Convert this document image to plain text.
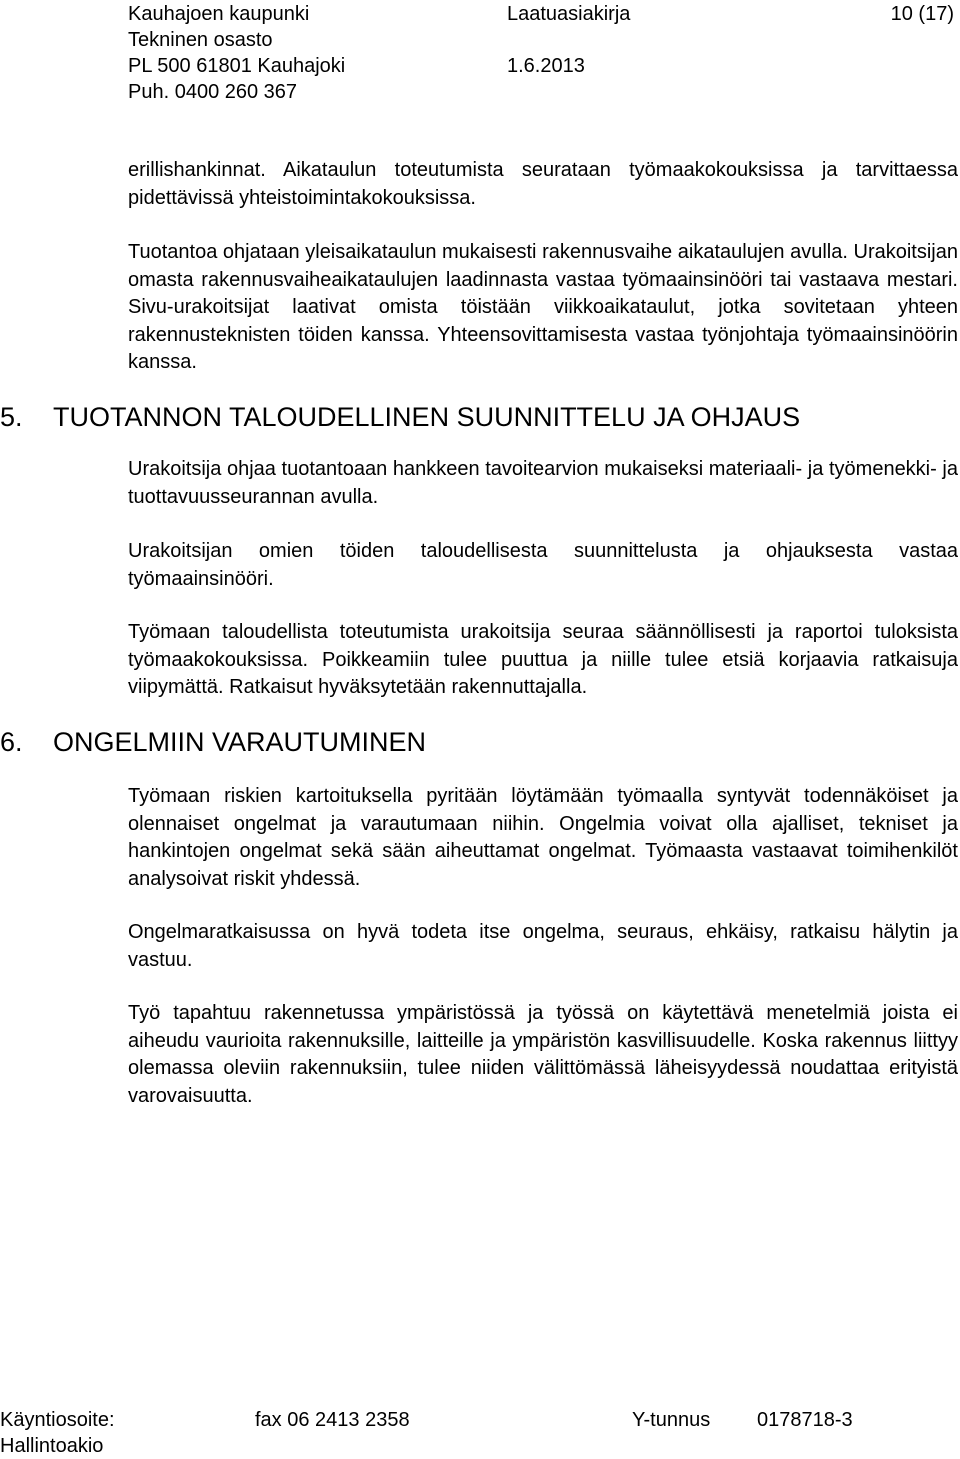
Kauhajoen kaupunki
Tekninen osasto
PL 500 61801 Kauhajoki
Puh. 0400 260 367
Laatuasiakirja
1.6.2013
10 (17)

erillishankinnat. Aikataulun toteutumista seurataan työmaakokouksissa ja tarvittaessa pidettävissä yhteistoimintakokouksissa.

Tuotantoa ohjataan yleisaikataulun mukaisesti rakennusvaihe aikataulujen avulla. Urakoitsijan omasta rakennusvaiheaikataulujen laadinnasta vastaa työmaainsinööri tai vastaava mestari. Sivu-urakoitsijat laativat omista töistään viikkoaikataulut, jotka sovitetaan yhteen rakennusteknisten töiden kanssa. Yhteensovittamisesta vastaa työnjohtaja työmaainsinöörin kanssa.

5. TUOTANNON TALOUDELLINEN SUUNNITTELU JA OHJAUS

Urakoitsija ohjaa tuotantoaan hankkeen tavoitearvion mukaiseksi materiaali- ja työmenekki- ja tuottavuusseurannan avulla.

Urakoitsijan omien töiden taloudellisesta suunnittelusta ja ohjauksesta vastaa työmaainsinööri.

Työmaan taloudellista toteutumista urakoitsija seuraa säännöllisesti ja raportoi tuloksista työmaakokouksissa. Poikkeamiin tulee puuttua ja niille tulee etsiä korjaavia ratkaisuja viipymättä. Ratkaisut hyväksytetään rakennuttajalla.

6. ONGELMIIN VARAUTUMINEN

Työmaan riskien kartoituksella pyritään löytämään työmaalla syntyvät todennäköiset ja olennaiset ongelmat ja varautumaan niihin. Ongelmia voivat olla ajalliset, tekniset ja hankintojen ongelmat sekä sään aiheuttamat ongelmat. Työmaasta vastaavat toimihenkilöt analysoivat riskit yhdessä.

Ongelmaratkaisussa on hyvä todeta itse ongelma, seuraus, ehkäisy, ratkaisu hälytin ja vastuu.

Työ tapahtuu rakennetussa ympäristössä ja työssä on käytettävä menetelmiä joista ei aiheudu vaurioita rakennuksille, laitteille ja ympäristön kasvillisuudelle. Koska rakennus liittyy olemassa oleviin rakennuksiin, tulee niiden välittömässä läheisyydessä noudattaa erityistä varovaisuutta.

Käyntiosoite:
Hallintoakio
fax 06 2413 2358	Y-tunnus 0178718-3
